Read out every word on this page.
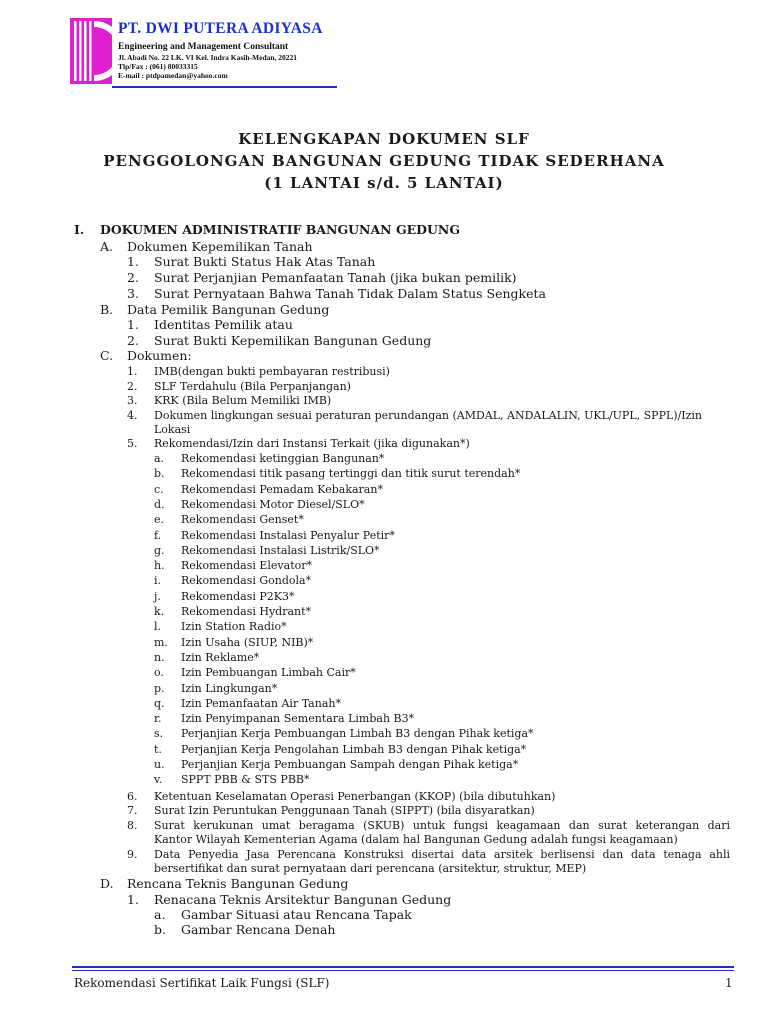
PT. DWI PUTERA ADIYASA
Engineering and Management Consultant
Jl. Abadi No. 22 LK. VI Kel. Indra Kasih-Medan, 20221
Tlp/Fax : (061) 80033315
E-mail : ptdpamedan@yahoo.com
KELENGKAPAN DOKUMEN SLF
PENGGOLONGAN BANGUNAN GEDUNG TIDAK SEDERHANA
(1 LANTAI s/d. 5 LANTAI)
I. DOKUMEN ADMINISTRATIF BANGUNAN GEDUNG
A. Dokumen Kepemilikan Tanah
1. Surat Bukti Status Hak Atas Tanah
2. Surat Perjanjian Pemanfaatan Tanah (jika bukan pemilik)
3. Surat Pernyataan Bahwa Tanah Tidak Dalam Status Sengketa
B. Data Pemilik Bangunan Gedung
1. Identitas Pemilik atau
2. Surat Bukti Kepemilikan Bangunan Gedung
C. Dokumen:
1. IMB(dengan bukti pembayaran restribusi)
2. SLF Terdahulu (Bila Perpanjangan)
3. KRK (Bila Belum Memiliki IMB)
4. Dokumen lingkungan sesuai peraturan perundangan (AMDAL, ANDALALIN, UKL/UPL, SPPL)/Izin
Lokasi
5. Rekomendasi/Izin dari Instansi Terkait (jika digunakan*)
a. Rekomendasi ketinggian Bangunan*
b. Rekomendasi titik pasang tertinggi dan titik surut terendah*
c. Rekomendasi Pemadam Kebakaran*
d. Rekomendasi Motor Diesel/SLO*
e. Rekomendasi Genset*
f. Rekomendasi Instalasi Penyalur Petir*
g. Rekomendasi Instalasi Listrik/SLO*
h. Rekomendasi Elevator*
i. Rekomendasi Gondola*
j. Rekomendasi P2K3*
k. Rekomendasi Hydrant*
l. Izin Station Radio*
m. Izin Usaha (SIUP, NIB)*
n. Izin Reklame*
o. Izin Pembuangan Limbah Cair*
p. Izin Lingkungan*
q. Izin Pemanfaatan Air Tanah*
r. Izin Penyimpanan Sementara Limbah B3*
s. Perjanjian Kerja Pembuangan Limbah B3 dengan Pihak ketiga*
t. Perjanjian Kerja Pengolahan Limbah B3 dengan Pihak ketiga*
u. Perjanjian Kerja Pembuangan Sampah dengan Pihak ketiga*
v. SPPT PBB & STS PBB*
6. Ketentuan Keselamatan Operasi Penerbangan (KKOP) (bila dibutuhkan)
7. Surat Izin Peruntukan Penggunaan Tanah (SIPPT) (bila disyaratkan)
8. Surat kerukunan umat beragama (SKUB) untuk fungsi keagamaan dan surat keterangan dari
Kantor Wilayah Kementerian Agama (dalam hal Bangunan Gedung adalah fungsi keagamaan)
9. Data Penyedia Jasa Perencana Konstruksi disertai data arsitek berlisensi dan data tenaga ahli
bersertifikat dan surat pernyataan dari perencana (arsitektur, struktur, MEP)
D. Rencana Teknis Bangunan Gedung
1. Renacana Teknis Arsitektur Bangunan Gedung
a. Gambar Situasi atau Rencana Tapak
b. Gambar Rencana Denah
Rekomendasi Sertifikat Laik Fungsi (SLF)	1
